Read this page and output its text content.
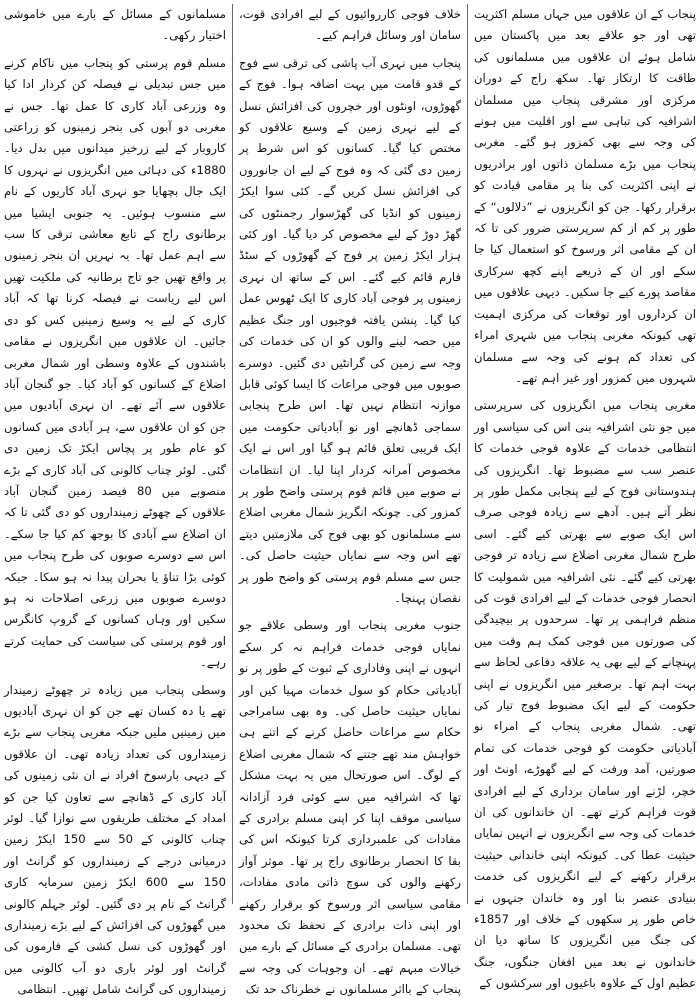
پنجاب کے ان علاقوں میں جہاں مسلم اکثریت تھی اور جو علاقے بعد میں پاکستان میں شامل ہوئے ان علاقوں میں مسلمانوں کی طاقت کا ارتکاز تھا۔ سکھ راج کے دوران مرکزی اور مشرقی پنجاب میں مسلمان اشرافیہ کی تباہی سے اور اقلیت میں ہونے کی وجہ سے بھی کمزور ہو گئے۔ مغربی پنجاب میں بڑے مسلمان ذاتوں اور برادریوں نے اپنی اکثریت کی بنا پر مقامی قیادت کو برقرار رکھا۔ جن کو انگریزوں نے ”دلالوں“ کے طور پر کم از کم سرپرستی ضرور کی تا کہ ان کے مقامی اثر ورسوخ کو استعمال کیا جا سکے اور ان کے ذریعے اپنے کچھ سرکاری مقاصد پورے کیے جا سکیں۔ دیہی علاقوں میں ان کرداروں اور توقعات کی مرکزی اہمیت تھی کیونکہ مغربی پنجاب میں شہری امراء کی تعداد کم ہونے کی وجہ سے مسلمان شہروں میں کمزور اور غیر اہم تھے۔

مغربی پنجاب میں انگریزوں کی سرپرستی میں جو نئی اشرافیہ بنی اس کی سیاسی اور انتظامی خدمات کے علاوہ فوجی خدمات کا عنصر سب سے مضبوط تھا۔ انگریزوں کی ہندوستانی فوج کے لیے پنجابی مکمل طور پر نظر آتے ہیں۔ آدھے سے زیادہ فوجی صرف اس ایک صوبے سے بھرتی کیے گئے۔ اسی طرح شمال مغربی اضلاع سے زیادہ تر فوجی بھرتی کیے گئے۔ نئی اشرافیہ میں شمولیت کا انحصار فوجی خدمات کے لیے افرادی قوت کی منظم فراہمی پر تھا۔ سرحدوں پر بیچیدگی کی صورتوں میں فوجی کمک ہم وقت میں پہنچانے کے لیے بھی یہ علاقہ دفاعی لحاظ سے بہت اہم تھا۔ برصغیر میں انگریزوں نے اپنی حکومت کے لیے ایک مضبوط فوج تیار کی تھی۔ شمال مغربی پنجاب کے امراء نو آبادیاتی حکومت کو فوجی خدمات کی تمام صورتیں، آمد ورفت کے لیے گھوڑے، اونٹ اور خچر، لڑنے اور سامان برداری کے لیے افرادی قوت فراہم کرتے تھے۔ ان خاندانوں کی ان خدمات کی وجہ سے انگریزوں نے انہیں نمایاں حیثیت عطا کی۔ کیونکہ اپنی خاندانی حیثیت برقرار رکھنے کے لیے انگریزوں کی خدمت بنیادی عنصر بنا اور وہ خاندان جنہوں نے خاص طور پر سکھوں کے خلاف اور 1857ء کی جنگ میں انگریزوں کا ساتھ دیا ان خاندانوں نے بعد میں افغان جنگوں، جنگ عظیم اول کے علاوہ باغیوں اور سرکشوں کے

خلاف فوجی کارروائیوں کے لیے افرادی قوت، سامان اور وسائل فراہم کیے۔

پنجاب میں نہری آب پاشی کی ترقی سے فوج کے قدو قامت میں بہت اضافہ ہوا۔ فوج کے گھوڑوں، اونٹوں اور خچروں کی افزائش نسل کے لیے نہری زمین کے وسیع علاقوں کو مختص کیا گیا۔ کسانوں کو اس شرط پر زمین دی گئی کہ وہ فوج کے لیے ان جانوروں کی افزائش نسل کریں گے۔ کئی سوا ایکڑ زمینوں کو انڈیا کی گھڑسوار رجمنٹوں کی گھڑ دوڑ کے لیے مخصوص کر دیا گیا۔ اور کئی ہزار ایکڑ زمین پر فوج کے گھوڑوں کے سٹڈ فارم قائم کیے گئے۔ اس کے ساتھ ان نہری زمینوں پر فوجی آباد کاری کا ایک ٹھوس عمل کیا گیا۔ پنشن یافتہ فوجیوں اور جنگ عظیم میں حصہ لینے والوں کو ان کی خدمات کی وجہ سے زمین کی گرانٹیں دی گئیں۔ دوسرے صوبوں میں فوجی مراعات کا ایسا کوئی قابل موازنہ انتظام نہیں تھا۔ اس طرح پنجابی سماجی ڈھانچے اور نو آبادیاتی حکومت میں ایک قریبی تعلق قائم ہو گیا اور اس نے ایک مخصوص آمرانہ کردار اپنا لیا۔ ان انتظامات نے صوبے میں قائم قوم پرستی واضح طور پر کمزور کی۔ چونکہ انگریز شمال مغربی اضلاع سے مسلمانوں کو بھی فوج کی ملازمتیں دیتے تھے اس وجہ سے نمایاں حیثیت حاصل کی۔ جس سے مسلم قوم پرستی کو واضح طور پر نقصان پہنچا۔

جنوب مغربی پنجاب اور وسطی علاقے جو نمایاں فوجی خدمات فراہم نہ کر سکے انہوں نے اپنی وفاداری کے ثبوت کے طور پر نو آبادیاتی حکام کو سول خدمات مہیا کیں اور نمایاں حیثیت حاصل کی۔ وہ بھی سامراجی حکام سے مراعات حاصل کرنے کے اتنے ہی خواہش مند تھے جتنے کہ شمال مغربی اضلاع کے لوگ۔ اس صورتحال میں یہ بہت مشکل تھا کہ اشرافیہ میں سے کوئی فرد آزادانہ سیاسی موقف اپنا کر اپنی مسلم برادری کے مفادات کی علمبرداری کرتا کیونکہ اس کی بقا کا انحصار برطانوی راج پر تھا۔ موثر آواز رکھنے والوں کی سوچ ذاتی مادی مفادات، مقامی سیاسی اثر ورسوخ کو برقرار رکھنے اور اپنی ذات برادری کے تحفظ تک محدود تھی۔ مسلمان برادری کے مسائل کے بارے میں خیالات مبہم تھے۔ ان وجوہات کی وجہ سے پنجاب کے بااثر مسلمانوں نے خطرناک حد تک

مسلمانوں کے مسائل کے بارے میں خاموشی اختیار رکھی۔

مسلم قوم پرستی کو پنجاب میں ناکام کرنے میں جس تبدیلی نے فیصلہ کن کردار ادا کیا وہ وزرعی آباد کاری کا عمل تھا۔ جس نے مغربی دو آبوں کی بنجر زمینوں کو زراعتی کاروبار کے لیے زرخیز میدانوں میں بدل دیا۔ 1880ء کی دہائی میں انگریزوں نے نہروں کا ایک جال بچھایا جو نہری آباد کاریوں کے نام سے منسوب ہوئیں۔ یہ جنوبی ایشیا میں برطانوی راج کے تابع معاشی ترقی کا سب سے اہم عمل تھا۔ یہ نہریں ان بنجر زمینوں پر واقع تھیں جو تاج برطانیہ کی ملکیت تھیں اس لیے ریاست نے فیصلہ کرنا تھا کہ آباد کاری کے لیے یہ وسیع زمینیں کس کو دی جائیں۔ ان علاقوں میں انگریزوں نے مقامی باشندوں کے علاوہ وسطی اور شمال مغربی اضلاع کے کسانوں کو آباد کیا۔ جو گنجان آباد علاقوں سے آئے تھے۔ ان نہری آبادیوں میں جن کو ان علاقوں سے، ہر آبادی میں کسانوں کو عام طور پر پچاس ایکڑ تک زمین دی گئی۔ لوئر چناب کالونی کی آباد کاری کے بڑے منصوبے میں 80 فیصد زمین گنجان آباد علاقوں کے چھوٹے زمینداروں کو دی گئی تا کہ ان اضلاع سے آبادی کا بوجھ کم کیا جا سکے۔ اس سے دوسرے صوبوں کی طرح پنجاب میں کوئی بڑا تناؤ یا بحران پیدا نہ ہو سکا۔ جبکہ دوسرے صوبوں میں زرعی اصلاحات نہ ہو سکیں اور وہاں کسانوں کے گروپ کانگرس اور قوم پرستی کی سیاست کی حمایت کرتے رہے۔

وسطی پنجاب میں زیادہ تر چھوٹے زمیندار تھے یا دہ کسان تھے جن کو ان نہری آبادیوں میں زمینیں ملیں جبکہ مغربی پنجاب سے بڑے زمینداروں کی تعداد زیادہ تھی۔ ان علاقوں کے دیہی بارسوخ افراد نے ان نئی زمینوں کی آباد کاری کے ڈھانچے سے تعاون کیا جن کو امداد کے مختلف طریقوں سے نوازا گیا۔ لوئر چناب کالونی کے 50 سے 150 ایکڑ زمین درمیانی درجے کے زمینداروں کو گرانٹ اور 150 سے 600 ایکڑ زمین سرمایہ کاری گرانٹ کے نام پر دی گئیں۔ لوئر جہلم کالونی میں گھوڑوں کی افزائش کے لیے بڑے زمینداری اور گھوڑوں کی نسل کشی کے فارموں کی گرانٹ اور لوئر باری دو آب کالونی میں زمینداروں کی گرانٹ شامل تھیں۔ انتظامی
